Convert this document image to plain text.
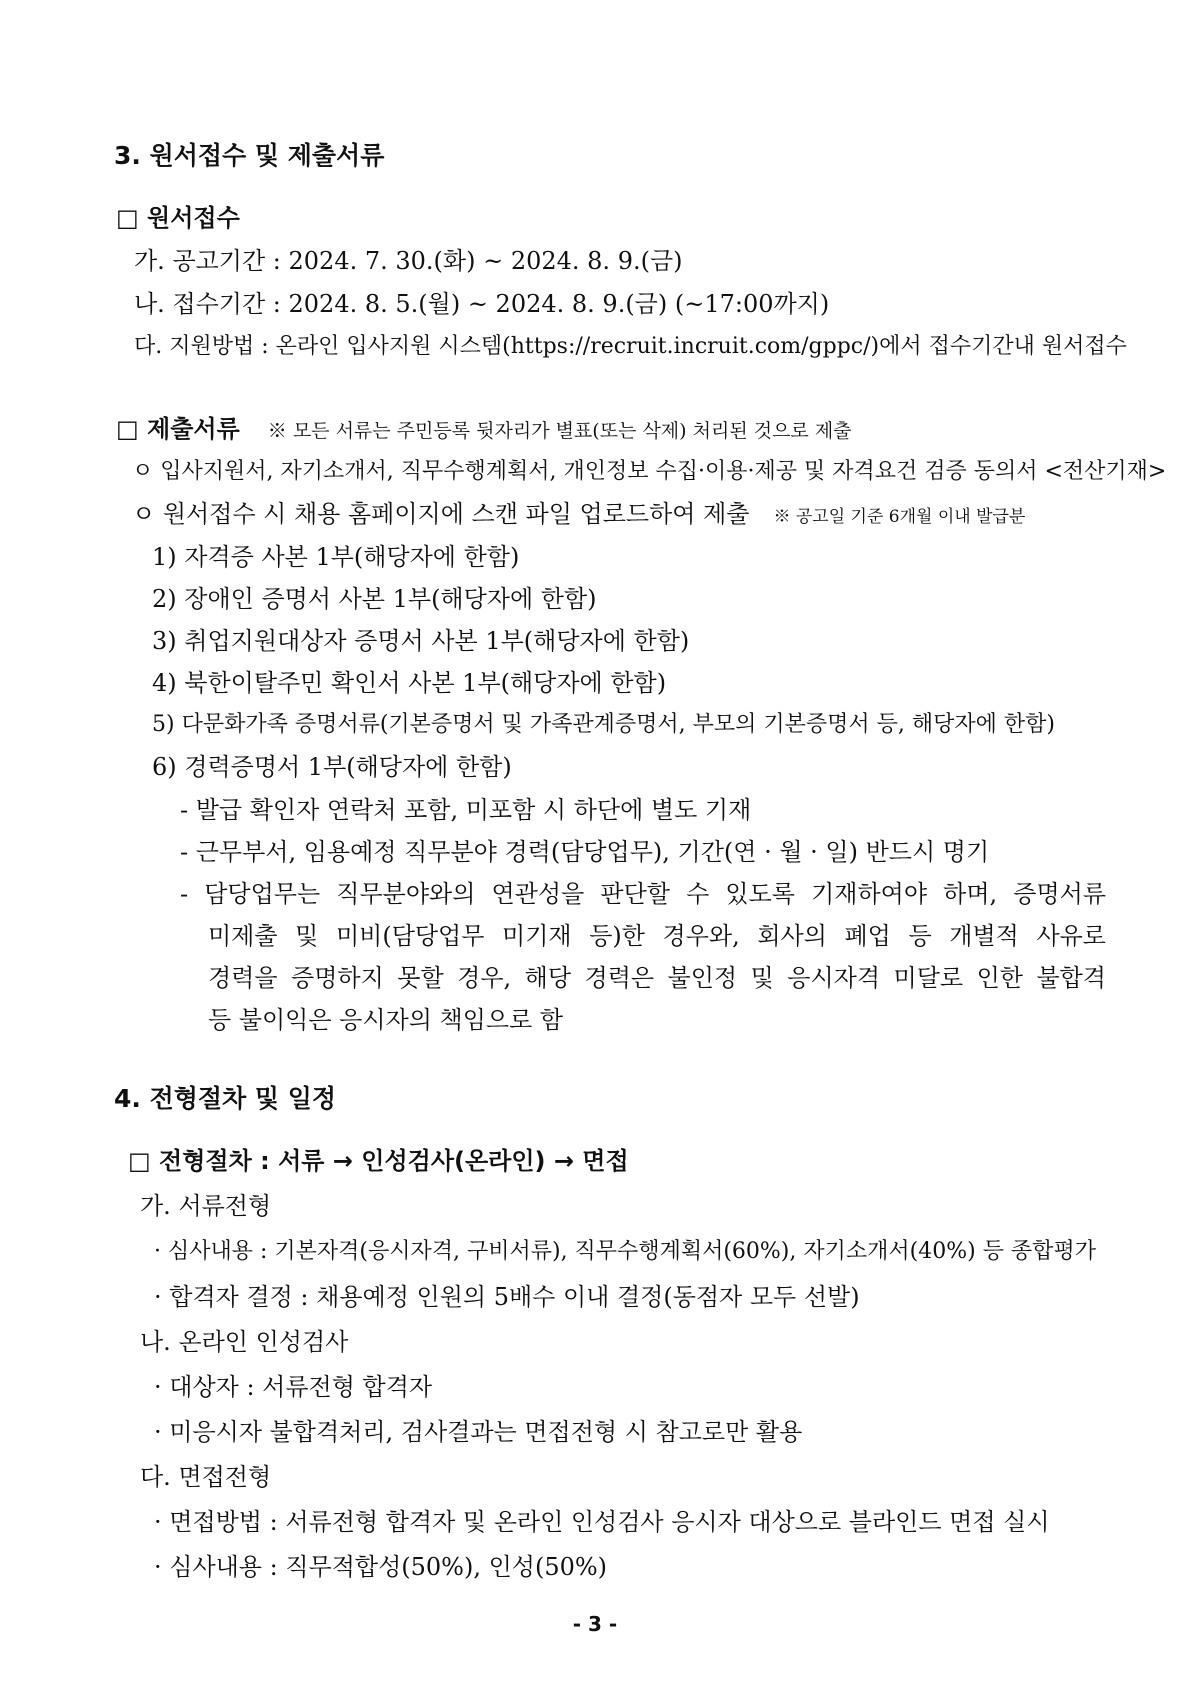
3. 원서접수 및 제출서류
□ 원서접수
가. 공고기간 : 2024. 7. 30.(화) ~ 2024. 8. 9.(금)
나. 접수기간 : 2024. 8. 5.(월) ~ 2024. 8. 9.(금) (~17:00까지)
다. 지원방법 : 온라인 입사지원 시스템(https://recruit.incruit.com/gppc/)에서 접수기간내 원서접수
□ 제출서류 ※ 모든 서류는 주민등록 뒷자리가 별표(또는 삭제) 처리된 것으로 제출
ㅇ 입사지원서, 자기소개서, 직무수행계획서, 개인정보 수집·이용·제공 및 자격요건 검증 동의서 <전산기재>
ㅇ 원서접수 시 채용 홈페이지에 스캔 파일 업로드하여 제출 ※ 공고일 기준 6개월 이내 발급분
1) 자격증 사본 1부(해당자에 한함)
2) 장애인 증명서 사본 1부(해당자에 한함)
3) 취업지원대상자 증명서 사본 1부(해당자에 한함)
4) 북한이탈주민 확인서 사본 1부(해당자에 한함)
5) 다문화가족 증명서류(기본증명서 및 가족관계증명서, 부모의 기본증명서 등, 해당자에 한함)
6) 경력증명서 1부(해당자에 한함)
- 발급 확인자 연락처 포함, 미포함 시 하단에 별도 기재
- 근무부서, 임용예정 직무분야 경력(담당업무), 기간(연 · 월 · 일) 반드시 명기
- 담당업무는 직무분야와의 연관성을 판단할 수 있도록 기재하여야 하며, 증명서류
미제출 및 미비(담당업무 미기재 등)한 경우와, 회사의 폐업 등 개별적 사유로
경력을 증명하지 못할 경우, 해당 경력은 불인정 및 응시자격 미달로 인한 불합격
등 불이익은 응시자의 책임으로 함
4. 전형절차 및 일정
□ 전형절차 : 서류 → 인성검사(온라인) → 면접
가. 서류전형
· 심사내용 : 기본자격(응시자격, 구비서류), 직무수행계획서(60%), 자기소개서(40%) 등 종합평가
· 합격자 결정 : 채용예정 인원의 5배수 이내 결정(동점자 모두 선발)
나. 온라인 인성검사
· 대상자 : 서류전형 합격자
· 미응시자 불합격처리, 검사결과는 면접전형 시 참고로만 활용
다. 면접전형
· 면접방법 : 서류전형 합격자 및 온라인 인성검사 응시자 대상으로 블라인드 면접 실시
· 심사내용 : 직무적합성(50%), 인성(50%)
- 3 -
